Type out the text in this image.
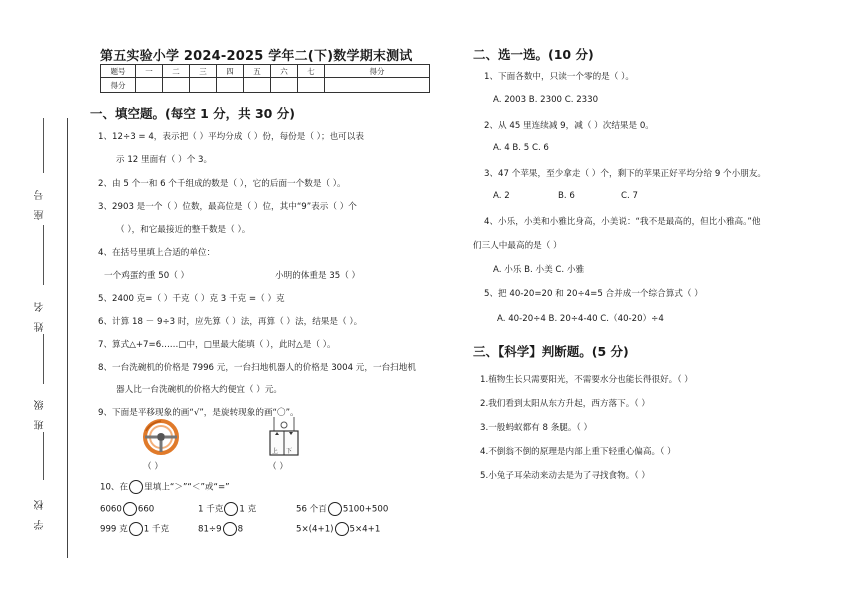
座号
姓名
班级
学校
第五实验小学 2024-2025 学年二(下)数学期末测试
题号	一	二	三	四	五	六	七	得分
得分								
一、填空题。(每空 1 分，共 30 分)
1、12÷3 = 4，表示把（ ）平均分成（ ）份，每份是（ ）；也可以表
示 12 里面有（ ）个 3。
2、由 5 个一和 6 个千组成的数是（ ），它的后面一个数是（ ）。
3、2903 是一个（ ）位数，最高位是（ ）位，其中“9”表示（ ）个
（ ），和它最接近的整千数是（ ）。
4、在括号里填上合适的单位：
一个鸡蛋约重 50（ ）	小明的体重是 35（ ）
5、2400 克=（ ）千克（ ）克 3 千克 =（ ）克
6、计算 18 － 9÷3 时，应先算（ ）法，再算（ ）法，结果是（ ）。
7、算式△+7=6……□中，□里最大能填（ ），此时△是（ ）。
8、一台洗碗机的价格是 7996 元，一台扫地机器人的价格是 3004 元，一台扫地机
器人比一台洗碗机的价格大约便宜（ ）元。
9、下面是平移现象的画“√”，是旋转现象的画“〇”。
上 下
（ ）	（ ）
10、在 里填上“＞”“＜”或“=”
6060 660	1 千克 1 克	56 个百 5100+500
999 克 1 千克	81÷9 8	5×(4+1) 5×4+1
二、选一选。(10 分)
1、下面各数中，只读一个零的是（ ）。
A. 2003 B. 2300 C. 2330
2、从 45 里连续减 9，减（ ）次结果是 0。
A. 4 B. 5 C. 6
3、47 个苹果，至少拿走（ ）个，剩下的苹果正好平均分给 9 个小朋友。
A. 2	B. 6	C. 7
4、小乐，小美和小雅比身高，小美说：“我不是最高的，但比小雅高。”他
们三人中最高的是（ ）
A. 小乐 B. 小美 C. 小雅
5、把 40-20=20 和 20÷4=5 合并成一个综合算式（ ）
A. 40-20÷4 B. 20÷4-40 C.（40-20）÷4
三、【科学】判断题。(5 分)
1.植物生长只需要阳光，不需要水分也能长得很好。（ ）
2.我们看到太阳从东方升起，西方落下。（ ）
3.一般蚂蚁都有 8 条腿。（ ）
4.不倒翁不倒的原理是内部上重下轻重心偏高。（ ）
5.小兔子耳朵动来动去是为了寻找食物。（ ）
